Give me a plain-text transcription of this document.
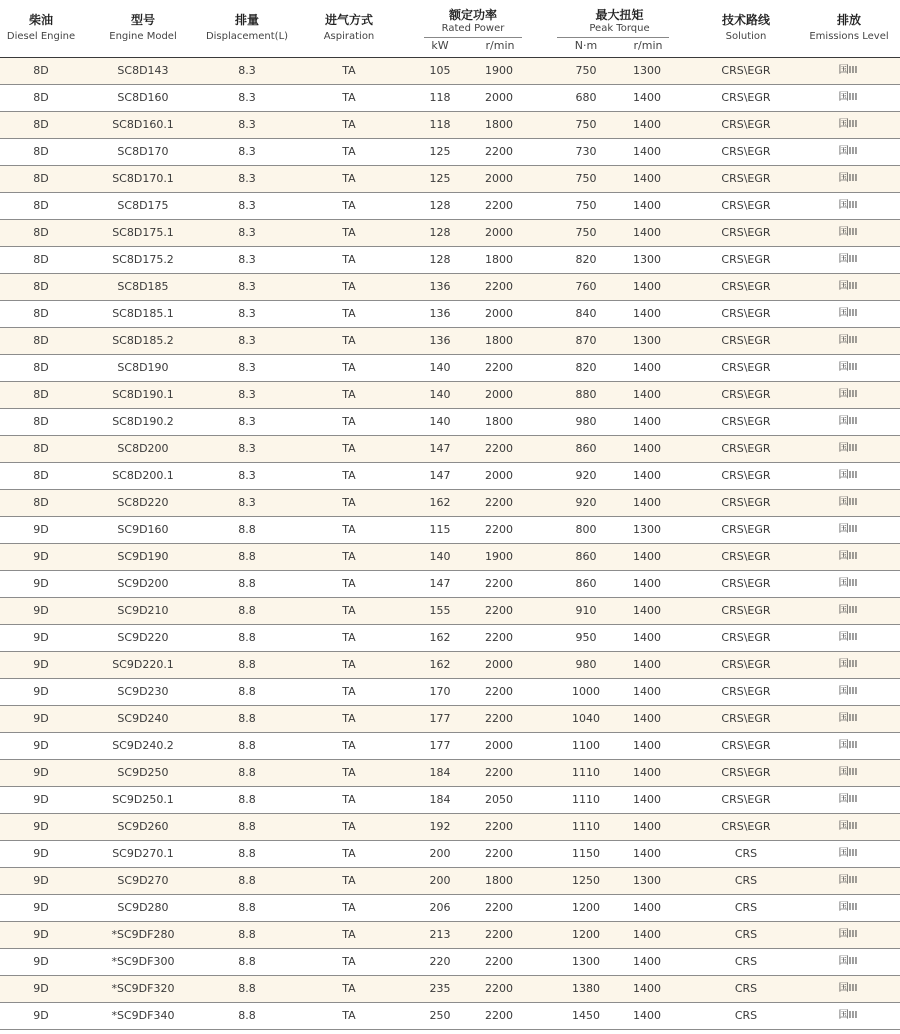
柴油
Diesel Engine
型号
Engine Model
排量
Displacement(L)
进气方式
Aspiration
额定功率
Rated Power
kW	r/min
最大扭矩
Peak Torque
N·m	r/min
技术路线
Solution
排放
Emissions Level
8D	SC8D143	8.3	TA	105	1900	750	1300	CRS\EGR	国III
8D	SC8D160	8.3	TA	118	2000	680	1400	CRS\EGR	国III
8D	SC8D160.1	8.3	TA	118	1800	750	1400	CRS\EGR	国III
8D	SC8D170	8.3	TA	125	2200	730	1400	CRS\EGR	国III
8D	SC8D170.1	8.3	TA	125	2000	750	1400	CRS\EGR	国III
8D	SC8D175	8.3	TA	128	2200	750	1400	CRS\EGR	国III
8D	SC8D175.1	8.3	TA	128	2000	750	1400	CRS\EGR	国III
8D	SC8D175.2	8.3	TA	128	1800	820	1300	CRS\EGR	国III
8D	SC8D185	8.3	TA	136	2200	760	1400	CRS\EGR	国III
8D	SC8D185.1	8.3	TA	136	2000	840	1400	CRS\EGR	国III
8D	SC8D185.2	8.3	TA	136	1800	870	1300	CRS\EGR	国III
8D	SC8D190	8.3	TA	140	2200	820	1400	CRS\EGR	国III
8D	SC8D190.1	8.3	TA	140	2000	880	1400	CRS\EGR	国III
8D	SC8D190.2	8.3	TA	140	1800	980	1400	CRS\EGR	国III
8D	SC8D200	8.3	TA	147	2200	860	1400	CRS\EGR	国III
8D	SC8D200.1	8.3	TA	147	2000	920	1400	CRS\EGR	国III
8D	SC8D220	8.3	TA	162	2200	920	1400	CRS\EGR	国III
9D	SC9D160	8.8	TA	115	2200	800	1300	CRS\EGR	国III
9D	SC9D190	8.8	TA	140	1900	860	1400	CRS\EGR	国III
9D	SC9D200	8.8	TA	147	2200	860	1400	CRS\EGR	国III
9D	SC9D210	8.8	TA	155	2200	910	1400	CRS\EGR	国III
9D	SC9D220	8.8	TA	162	2200	950	1400	CRS\EGR	国III
9D	SC9D220.1	8.8	TA	162	2000	980	1400	CRS\EGR	国III
9D	SC9D230	8.8	TA	170	2200	1000	1400	CRS\EGR	国III
9D	SC9D240	8.8	TA	177	2200	1040	1400	CRS\EGR	国III
9D	SC9D240.2	8.8	TA	177	2000	1100	1400	CRS\EGR	国III
9D	SC9D250	8.8	TA	184	2200	1110	1400	CRS\EGR	国III
9D	SC9D250.1	8.8	TA	184	2050	1110	1400	CRS\EGR	国III
9D	SC9D260	8.8	TA	192	2200	1110	1400	CRS\EGR	国III
9D	SC9D270.1	8.8	TA	200	2200	1150	1400	CRS	国III
9D	SC9D270	8.8	TA	200	1800	1250	1300	CRS	国III
9D	SC9D280	8.8	TA	206	2200	1200	1400	CRS	国III
9D	*SC9DF280	8.8	TA	213	2200	1200	1400	CRS	国III
9D	*SC9DF300	8.8	TA	220	2200	1300	1400	CRS	国III
9D	*SC9DF320	8.8	TA	235	2200	1380	1400	CRS	国III
9D	*SC9DF340	8.8	TA	250	2200	1450	1400	CRS	国III
